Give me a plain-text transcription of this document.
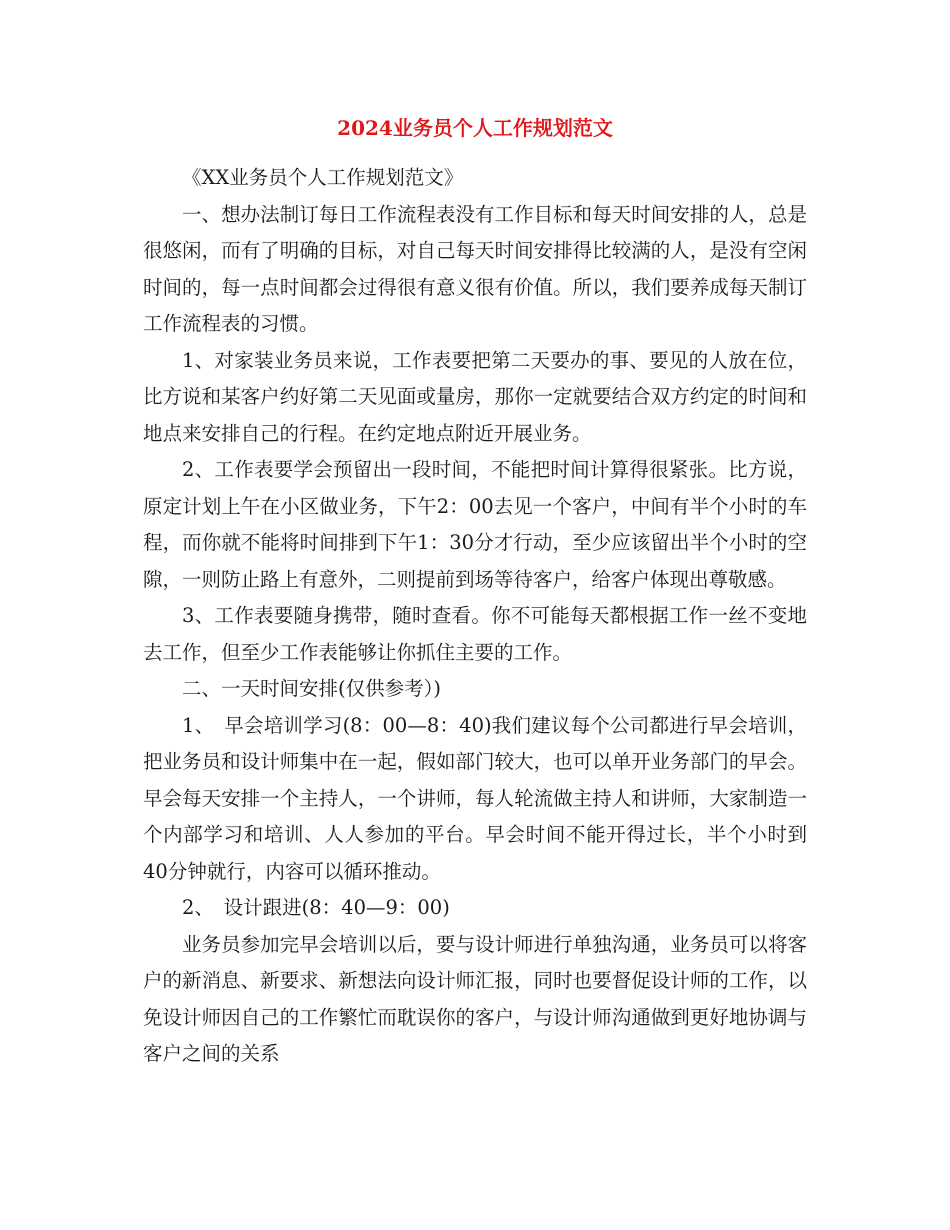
2024业务员个人工作规划范文

《XX业务员个人工作规划范文》

一、想办法制订每日工作流程表没有工作目标和每天时间安排的人，总是很悠闲，而有了明确的目标，对自己每天时间安排得比较满的人，是没有空闲时间的，每一点时间都会过得很有意义很有价值。所以，我们要养成每天制订工作流程表的习惯。

1、对家装业务员来说，工作表要把第二天要办的事、要见的人放在位，比方说和某客户约好第二天见面或量房，那你一定就要结合双方约定的时间和地点来安排自己的行程。在约定地点附近开展业务。

2、工作表要学会预留出一段时间，不能把时间计算得很紧张。比方说，原定计划上午在小区做业务，下午2：00去见一个客户，中间有半个小时的车程，而你就不能将时间排到下午1：30分才行动，至少应该留出半个小时的空隙，一则防止路上有意外，二则提前到场等待客户，给客户体现出尊敬感。

3、工作表要随身携带，随时查看。你不可能每天都根据工作一丝不变地去工作，但至少工作表能够让你抓住主要的工作。

二、一天时间安排(仅供参考）)

1、　早会培训学习(8：00—8：40)我们建议每个公司都进行早会培训，把业务员和设计师集中在一起，假如部门较大，也可以单开业务部门的早会。早会每天安排一个主持人，一个讲师，每人轮流做主持人和讲师，大家制造一个内部学习和培训、人人参加的平台。早会时间不能开得过长，半个小时到40分钟就行，内容可以循环推动。

2、　设计跟进(8：40—9：00)

业务员参加完早会培训以后，要与设计师进行单独沟通，业务员可以将客户的新消息、新要求、新想法向设计师汇报，同时也要督促设计师的工作，以免设计师因自己的工作繁忙而耽误你的客户，与设计师沟通做到更好地协调与客户之间的关系
